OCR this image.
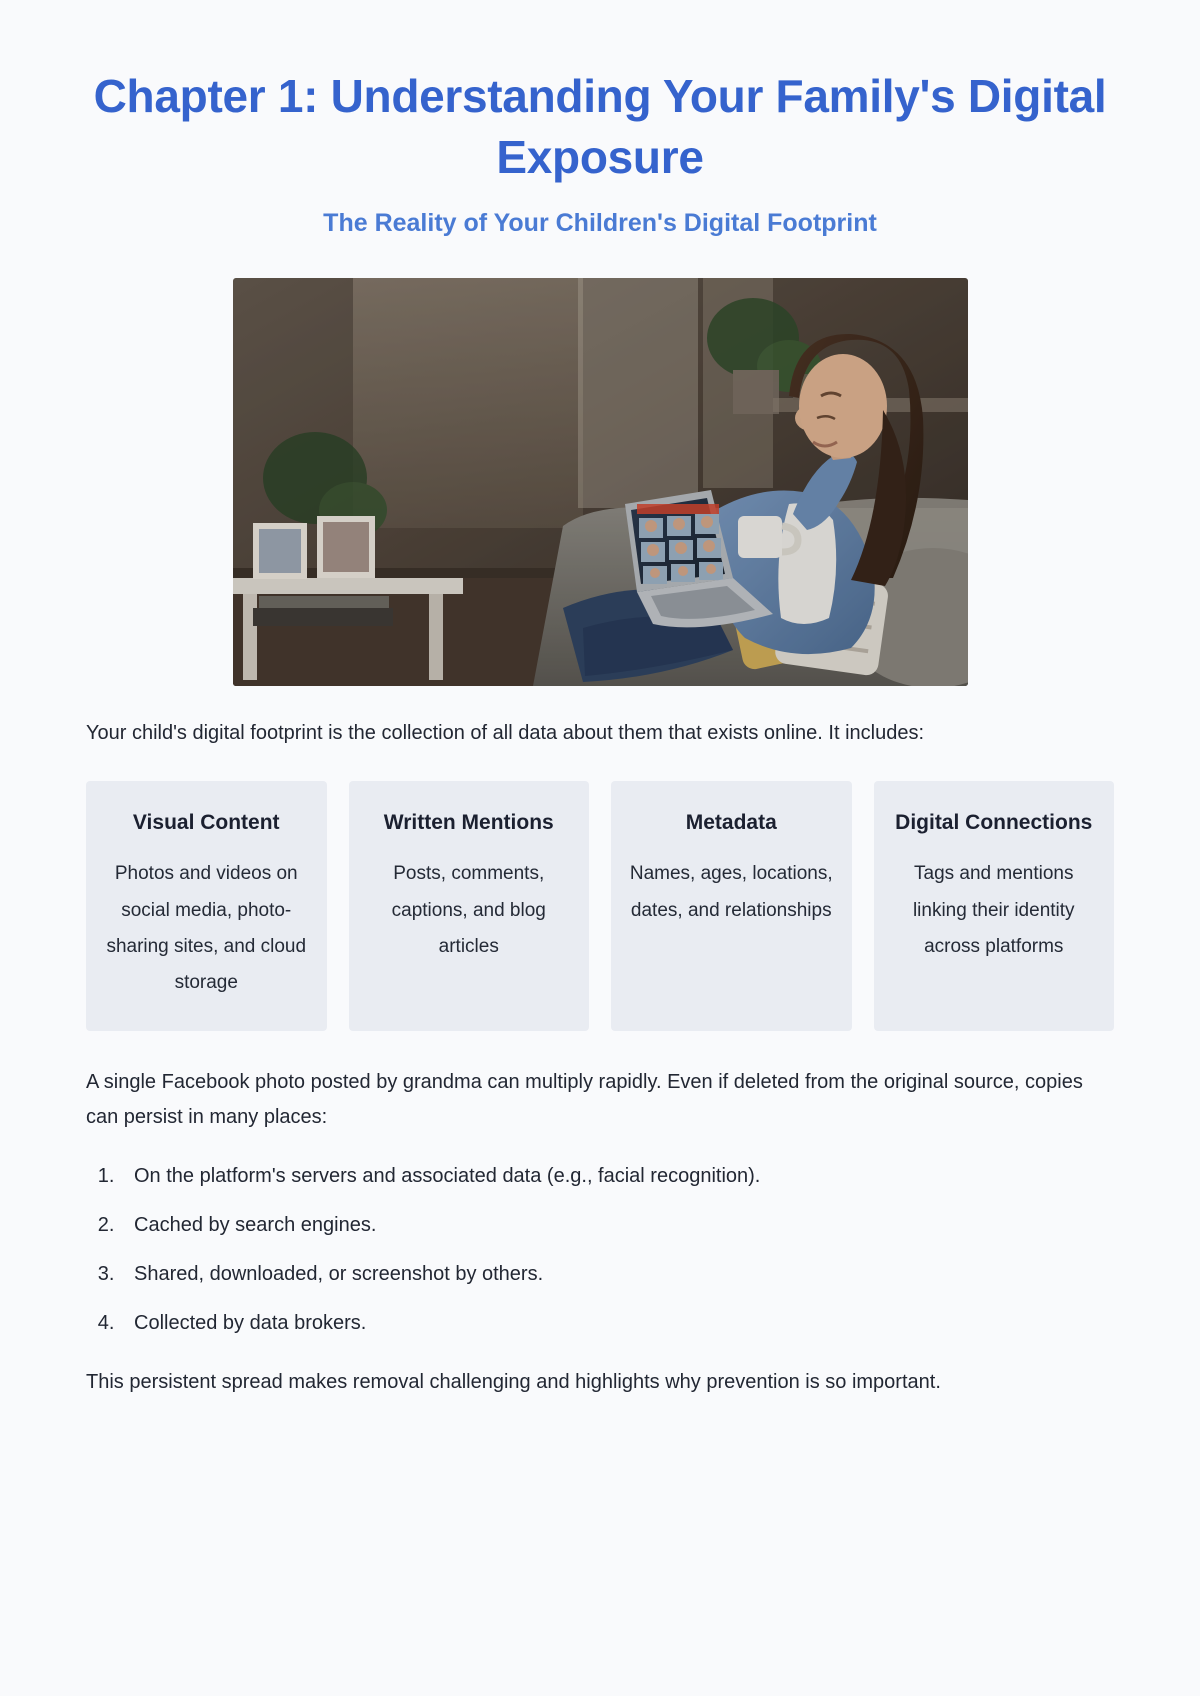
Chapter 1: Understanding Your Family's Digital Exposure
The Reality of Your Children's Digital Footprint

Your child's digital footprint is the collection of all data about them that exists online. It includes:

Visual Content

Photos and videos on social media, photo-sharing sites, and cloud storage

Written Mentions

Posts, comments, captions, and blog articles

Metadata

Names, ages, locations, dates, and relationships

Digital Connections

Tags and mentions linking their identity across platforms

A single Facebook photo posted by grandma can multiply rapidly. Even if deleted from the original source, copies can persist in many places:

1. On the platform's servers and associated data (e.g., facial recognition).
2. Cached by search engines.
3. Shared, downloaded, or screenshot by others.
4. Collected by data brokers.

This persistent spread makes removal challenging and highlights why prevention is so important.
